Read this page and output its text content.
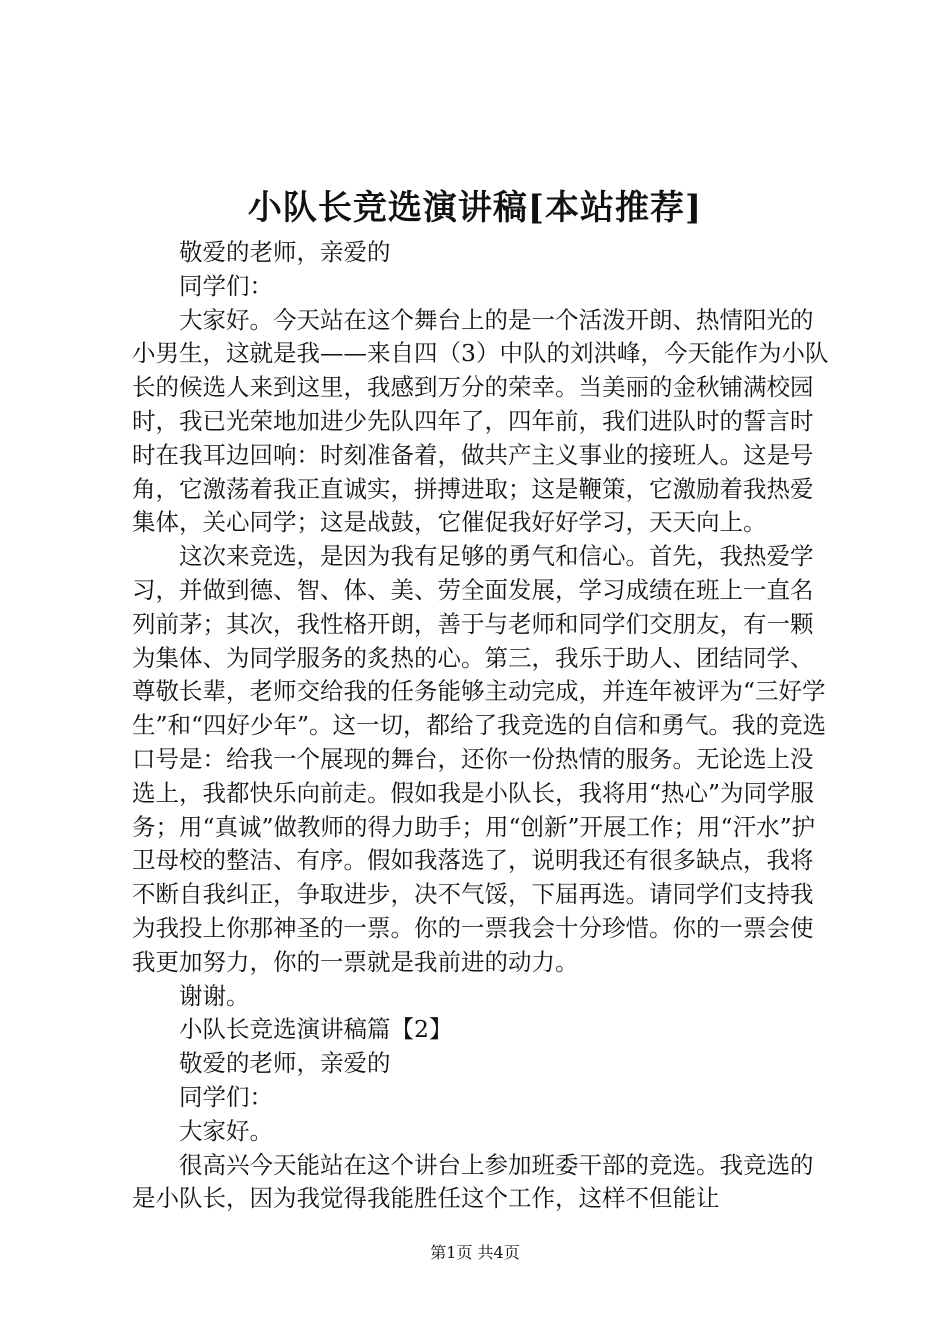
小队长竞选演讲稿[本站推荐]

敬爱的老师，亲爱的

同学们：

大家好。今天站在这个舞台上的是一个活泼开朗、热情阳光的小男生，这就是我——来自四（3）中队的刘洪峰，今天能作为小队长的候选人来到这里，我感到万分的荣幸。当美丽的金秋铺满校园时，我已光荣地加进少先队四年了，四年前，我们进队时的誓言时时在我耳边回响：时刻准备着，做共产主义事业的接班人。这是号角，它激荡着我正直诚实，拼搏进取；这是鞭策，它激励着我热爱集体，关心同学；这是战鼓，它催促我好好学习，天天向上。

这次来竞选，是因为我有足够的勇气和信心。首先，我热爱学习，并做到德、智、体、美、劳全面发展，学习成绩在班上一直名列前茅；其次，我性格开朗，善于与老师和同学们交朋友，有一颗为集体、为同学服务的炙热的心。第三，我乐于助人、团结同学、尊敬长辈，老师交给我的任务能够主动完成，并连年被评为“三好学生”和“四好少年”。这一切，都给了我竞选的自信和勇气。我的竞选口号是：给我一个展现的舞台，还你一份热情的服务。无论选上没选上，我都快乐向前走。假如我是小队长，我将用“热心”为同学服务；用“真诚”做教师的得力助手；用“创新”开展工作；用“汗水”护卫母校的整洁、有序。假如我落选了，说明我还有很多缺点，我将不断自我纠正，争取进步，决不气馁，下届再选。请同学们支持我为我投上你那神圣的一票。你的一票我会十分珍惜。你的一票会使我更加努力，你的一票就是我前进的动力。

谢谢。

小队长竞选演讲稿篇【2】

敬爱的老师，亲爱的

同学们：

大家好。

很高兴今天能站在这个讲台上参加班委干部的竞选。我竞选的是小队长，因为我觉得我能胜任这个工作，这样不但能让

第1页 共4页
